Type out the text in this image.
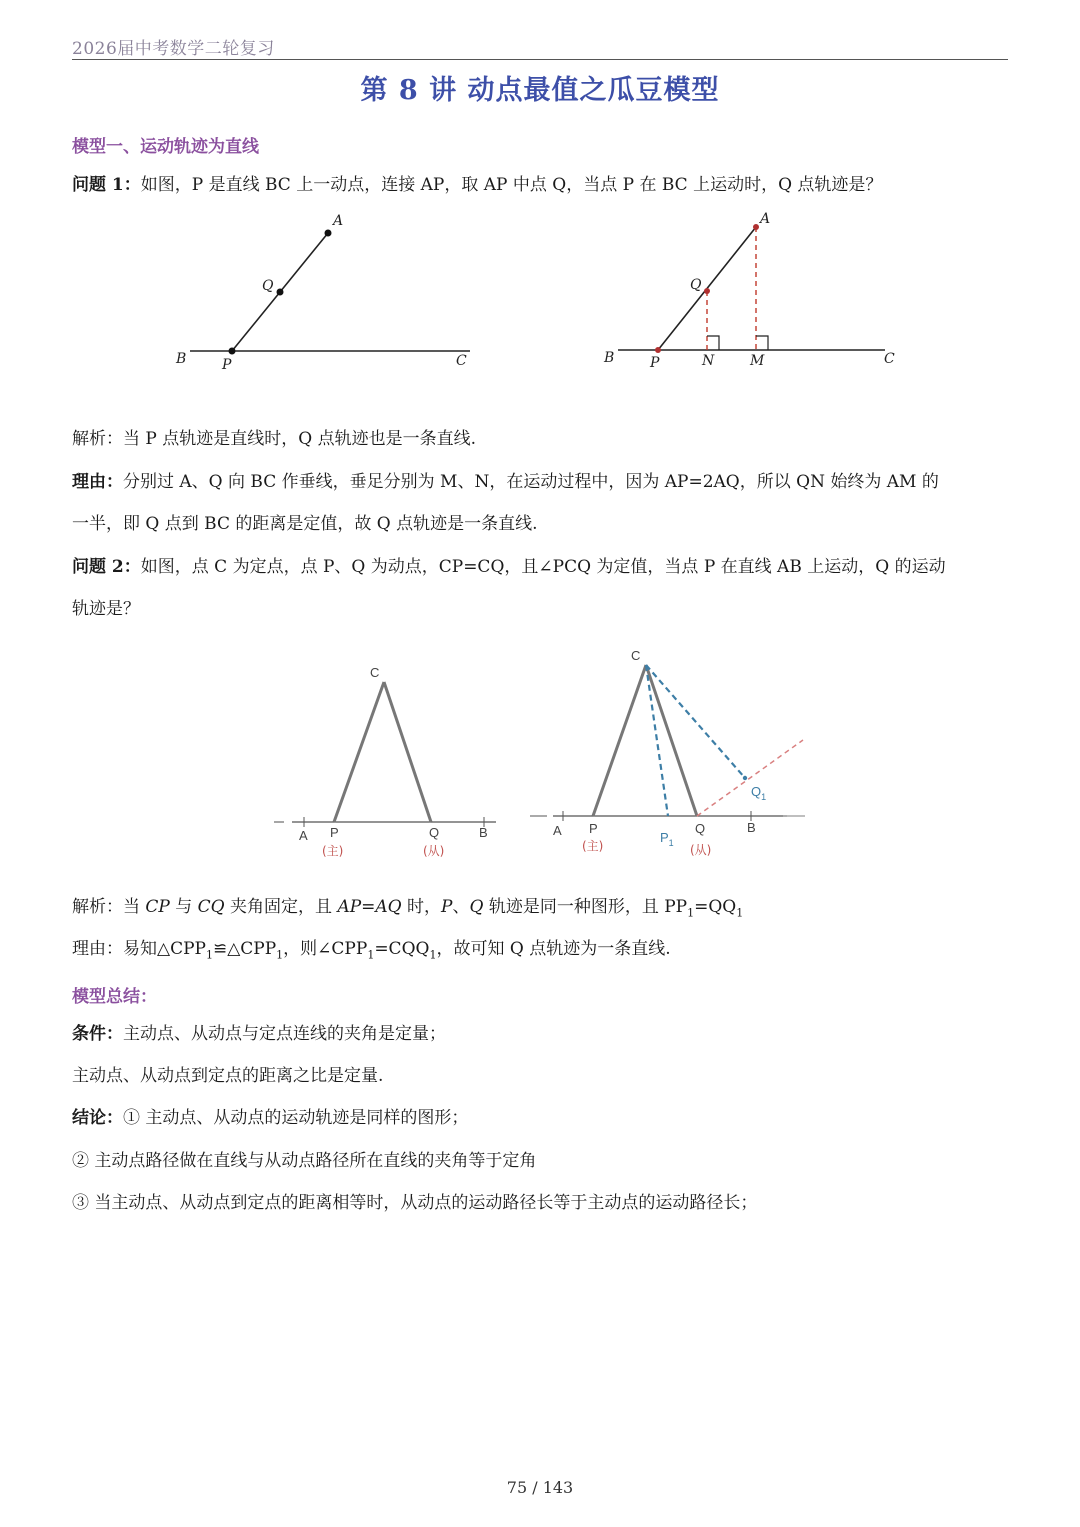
2026届中考数学二轮复习
第 8 讲 动点最值之瓜豆模型
模型一、运动轨迹为直线
问题 1：如图，P 是直线 BC 上一动点，连接 AP，取 AP 中点 Q，当点 P 在 BC 上运动时，Q 点轨迹是？
A
Q
B	P	C
A
Q
B	P	N	M	C
解析：当 P 点轨迹是直线时，Q 点轨迹也是一条直线.
理由：分别过 A、Q 向 BC 作垂线，垂足分别为 M、N，在运动过程中，因为 AP=2AQ，所以 QN 始终为 AM 的
一半，即 Q 点到 BC 的距离是定值，故 Q 点轨迹是一条直线.
问题 2：如图，点 C 为定点，点 P、Q 为动点，CP=CQ，且∠PCQ 为定值，当点 P 在直线 AB 上运动，Q 的运动
轨迹是？
C
A P	Q	B
(主)	(从)
C
A P
$P_1$
Q	B
$Q_1$
(主)	(从)
解析：当 CP 与 CQ 夹角固定，且 AP=AQ 时，P、Q 轨迹是同一种图形，且 $PP_1=QQ_1$
理由：易知$\triangle CPP_1≌\triangle CPP_1$，则$\angle CPP_1=CQQ_1$，故可知 Q 点轨迹为一条直线.
模型总结：
条件：主动点、从动点与定点连线的夹角是定量；
主动点、从动点到定点的距离之比是定量.
结论：① 主动点、从动点的运动轨迹是同样的图形；
② 主动点路径做在直线与从动点路径所在直线的夹角等于定角
③ 当主动点、从动点到定点的距离相等时，从动点的运动路径长等于主动点的运动路径长；
75 / 143
